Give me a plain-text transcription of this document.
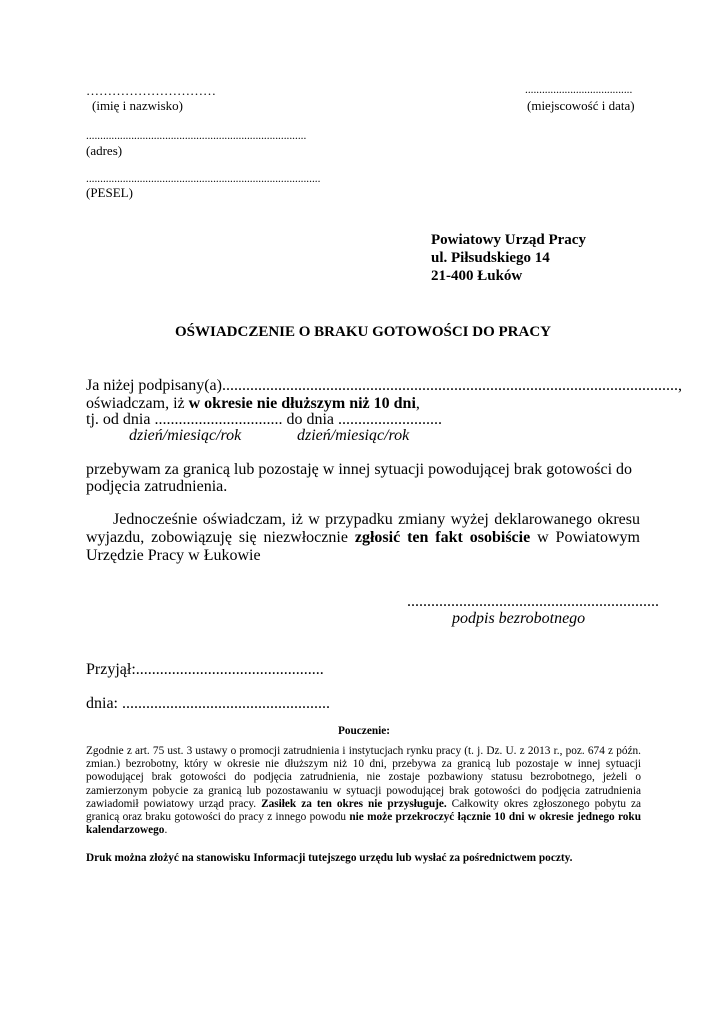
…………………………
(imię i nazwisko)
......................................
(miejscowość i data)
..............................................................................
(adres)
...................................................................................
(PESEL)
Powiatowy Urząd Pracy
ul. Piłsudskiego 14
21-400 Łuków
OŚWIADCZENIE O BRAKU GOTOWOŚCI DO PRACY
Ja niżej podpisany(a)..................................................................................................................,
oświadczam, iż w okresie nie dłuższym niż 10 dni,
tj. od dnia ................................ do dnia ..........................
dzień/miesiąc/rok	dzień/miesiąc/rok
przebywam za granicą lub pozostaję w innej sytuacji powodującej brak gotowości do podjęcia zatrudnienia.
Jednocześnie oświadczam, iż w przypadku zmiany wyżej deklarowanego okresu wyjazdu, zobowiązuję się niezwłocznie zgłosić ten fakt osobiście w Powiatowym Urzędzie Pracy w Łukowie
...............................................................
podpis bezrobotnego
Przyjął:...............................................
dnia: ....................................................
Pouczenie:
Zgodnie z art. 75 ust. 3 ustawy o promocji zatrudnienia i instytucjach rynku pracy (t. j. Dz. U. z 2013 r., poz. 674 z późn. zmian.) bezrobotny, który w okresie nie dłuższym niż 10 dni, przebywa za granicą lub pozostaje w innej sytuacji powodującej brak gotowości do podjęcia zatrudnienia, nie zostaje pozbawiony statusu bezrobotnego, jeżeli o zamierzonym pobycie za granicą lub pozostawaniu w sytuacji powodującej brak gotowości do podjęcia zatrudnienia zawiadomił powiatowy urząd pracy. Zasiłek za ten okres nie przysługuje. Całkowity okres zgłoszonego pobytu za granicą oraz braku gotowości do pracy z innego powodu nie może przekroczyć łącznie 10 dni w okresie jednego roku kalendarzowego.
Druk można złożyć na stanowisku Informacji tutejszego urzędu lub wysłać za pośrednictwem poczty.
